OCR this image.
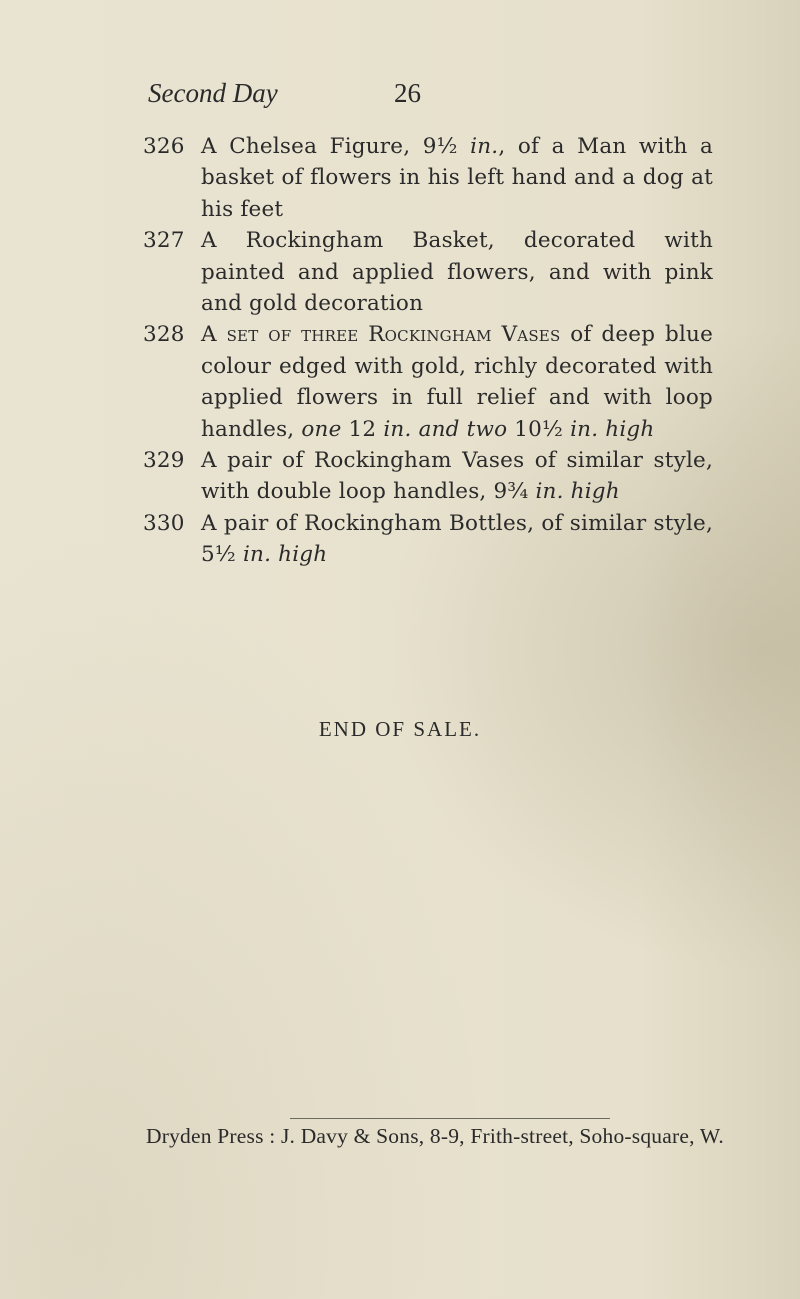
Second Day	26
326 A Chelsea Figure, 9½ in., of a Man with a basket of flowers in his left hand and a dog at his feet
327 A Rockingham Basket, decorated with painted and applied flowers, and with pink and gold decoration
328 A set of three Rockingham Vases of deep blue colour edged with gold, richly decorated with applied flowers in full relief and with loop handles, one 12 in. and two 10½ in. high
329 A pair of Rockingham Vases of similar style, with double loop handles, 9¾ in. high
330 A pair of Rockingham Bottles, of similar style, 5½ in. high
END OF SALE.
Dryden Press : J. Davy & Sons, 8-9, Frith-street, Soho-square, W.
